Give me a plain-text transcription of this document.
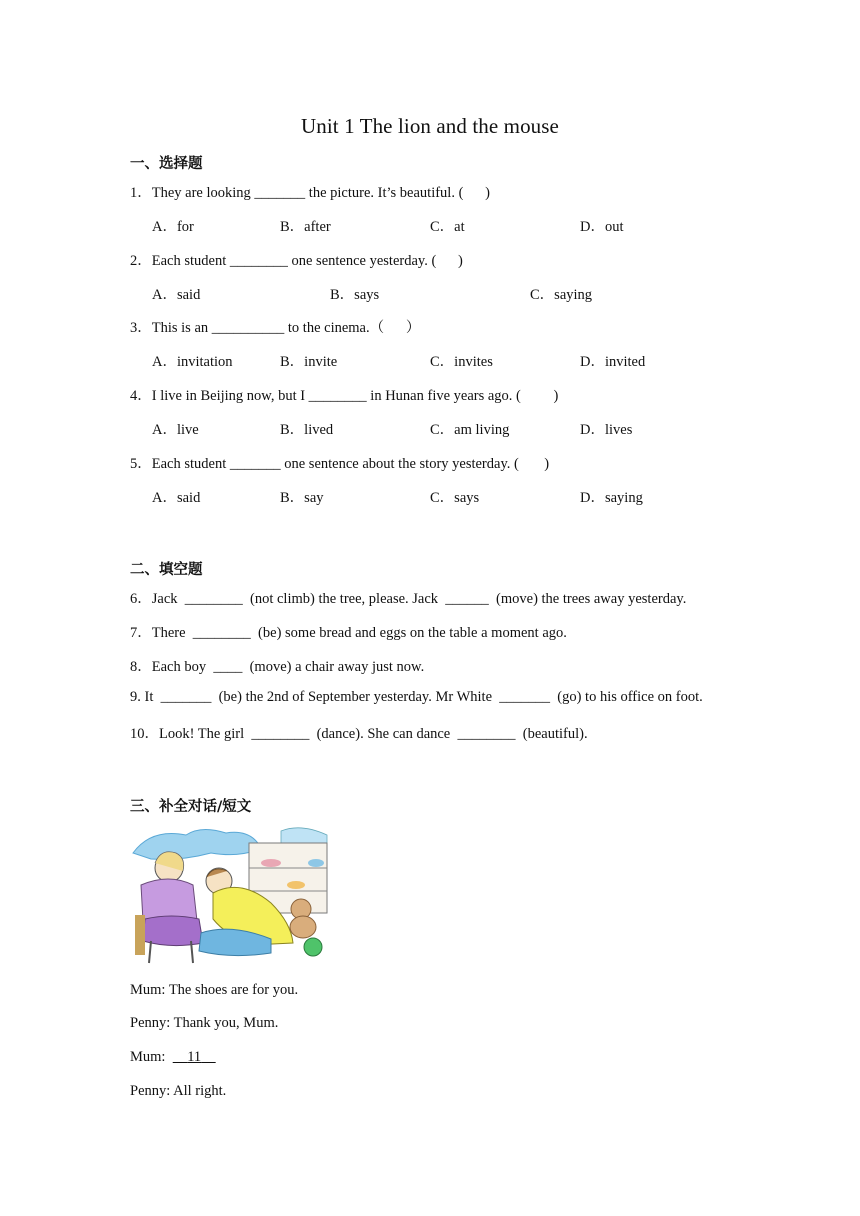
Unit 1 The lion and the mouse
一、选择题
1．They are looking _______ the picture. It’s beautiful. (      )
A．for	B．after	C．at	D．out
2．Each student ________ one sentence yesterday. (      )
A．said	B．says	C．saying
3．This is an __________ to the cinema.（      ）
A．invitation	B．invite	C．invites	D．invited
4．I live in Beijing now, but I ________ in Hunan five years ago. (         )
A．live	B．lived	C．am living	D．lives
5．Each student _______ one sentence about the story yesterday. (       )
A．said	B．say	C．says	D．saying
二、填空题
6．Jack  ________  (not climb) the tree, please. Jack  ______  (move) the trees away yesterday.
7．There  ________  (be) some bread and eggs on the table a moment ago.
8．Each boy  ____  (move) a chair away just now.
9. It  _______  (be) the 2nd of September yesterday. Mr White  _______  (go) to his office on foot.
10．Look! The girl  ________  (dance). She can dance  ________  (beautiful).
三、补全对话/短文
Mum: The shoes are for you.
Penny: Thank you, Mum.
Mum: 11
Penny: All right.
